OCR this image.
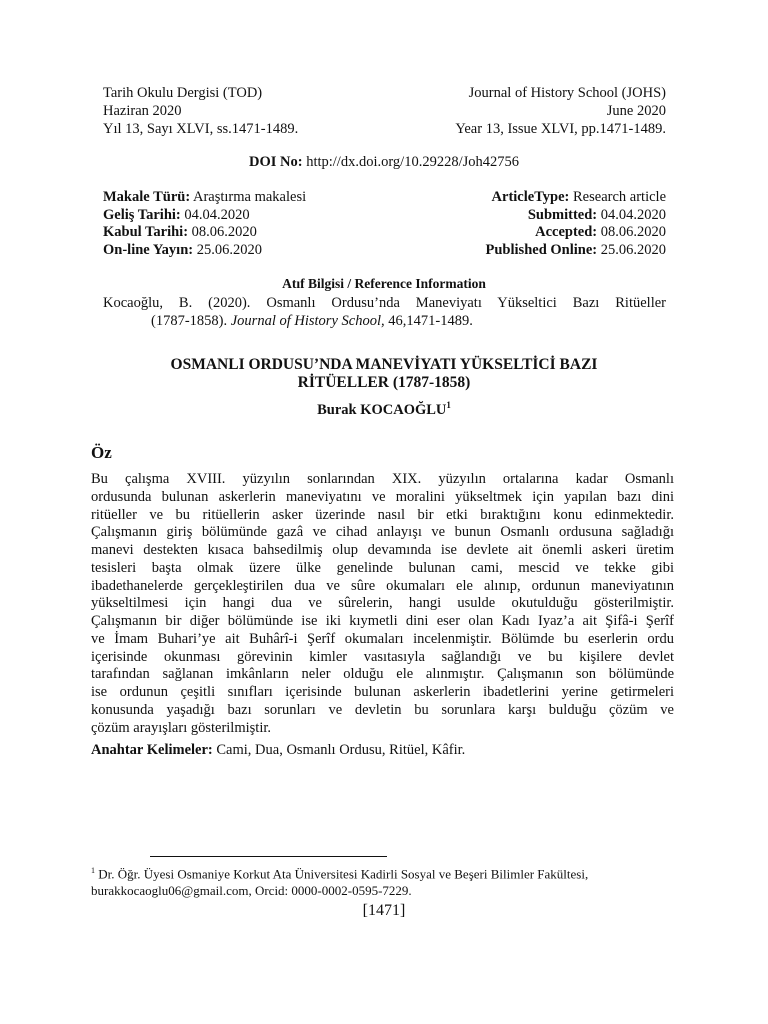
Tarih Okulu Dergisi (TOD)
Haziran 2020
Yıl 13, Sayı XLVI, ss.1471-1489.
Journal of History School (JOHS)
June 2020
Year 13, Issue XLVI, pp.1471-1489.
DOI No: http://dx.doi.org/10.29228/Joh42756
Makale Türü: Araştırma makalesi
Geliş Tarihi: 04.04.2020
Kabul Tarihi: 08.06.2020
On-line Yayın: 25.06.2020
ArticleType: Research article
Submitted: 04.04.2020
Accepted: 08.06.2020
Published Online: 25.06.2020
Atıf Bilgisi / Reference Information
Kocaoğlu, B. (2020). Osmanlı Ordusu’nda Maneviyatı Yükseltici Bazı Ritüeller
(1787-1858). Journal of History School, 46,1471-1489.
OSMANLI ORDUSU’NDA MANEVİYATI YÜKSELTİCİ BAZI
RİTÜELLER (1787-1858)
Burak KOCAOĞLU$^1$
Öz
Bu çalışma XVIII. yüzyılın sonlarından XIX. yüzyılın ortalarına kadar Osmanlı
ordusunda bulunan askerlerin maneviyatını ve moralini yükseltmek için yapılan bazı dini
ritüeller ve bu ritüellerin asker üzerinde nasıl bir etki bıraktığını konu edinmektedir.
Çalışmanın giriş bölümünde gazâ ve cihad anlayışı ve bunun Osmanlı ordusuna sağladığı
manevi destekten kısaca bahsedilmiş olup devamında ise devlete ait önemli askeri üretim
tesisleri başta olmak üzere ülke genelinde bulunan cami, mescid ve tekke gibi
ibadethanelerde gerçekleştirilen dua ve sûre okumaları ele alınıp, ordunun maneviyatının
yükseltilmesi için hangi dua ve sûrelerin, hangi usulde okutulduğu gösterilmiştir.
Çalışmanın bir diğer bölümünde ise iki kıymetli dini eser olan Kadı Iyaz’a ait Şifâ-i Şerîf
ve İmam Buhari’ye ait Buhârî-i Şerîf okumaları incelenmiştir. Bölümde bu eserlerin ordu
içerisinde okunması görevinin kimler vasıtasıyla sağlandığı ve bu kişilere devlet
tarafından sağlanan imkânların neler olduğu ele alınmıştır. Çalışmanın son bölümünde
ise ordunun çeşitli sınıfları içerisinde bulunan askerlerin ibadetlerini yerine getirmeleri
konusunda yaşadığı bazı sorunları ve devletin bu sorunlara karşı bulduğu çözüm ve
çözüm arayışları gösterilmiştir.
Anahtar Kelimeler: Cami, Dua, Osmanlı Ordusu, Ritüel, Kâfir.
$^1$ Dr. Öğr. Üyesi Osmaniye Korkut Ata Üniversitesi Kadirli Sosyal ve Beşeri Bilimler Fakültesi,
burakkocaoglu06@gmail.com, Orcid: 0000-0002-0595-7229.
[1471]
